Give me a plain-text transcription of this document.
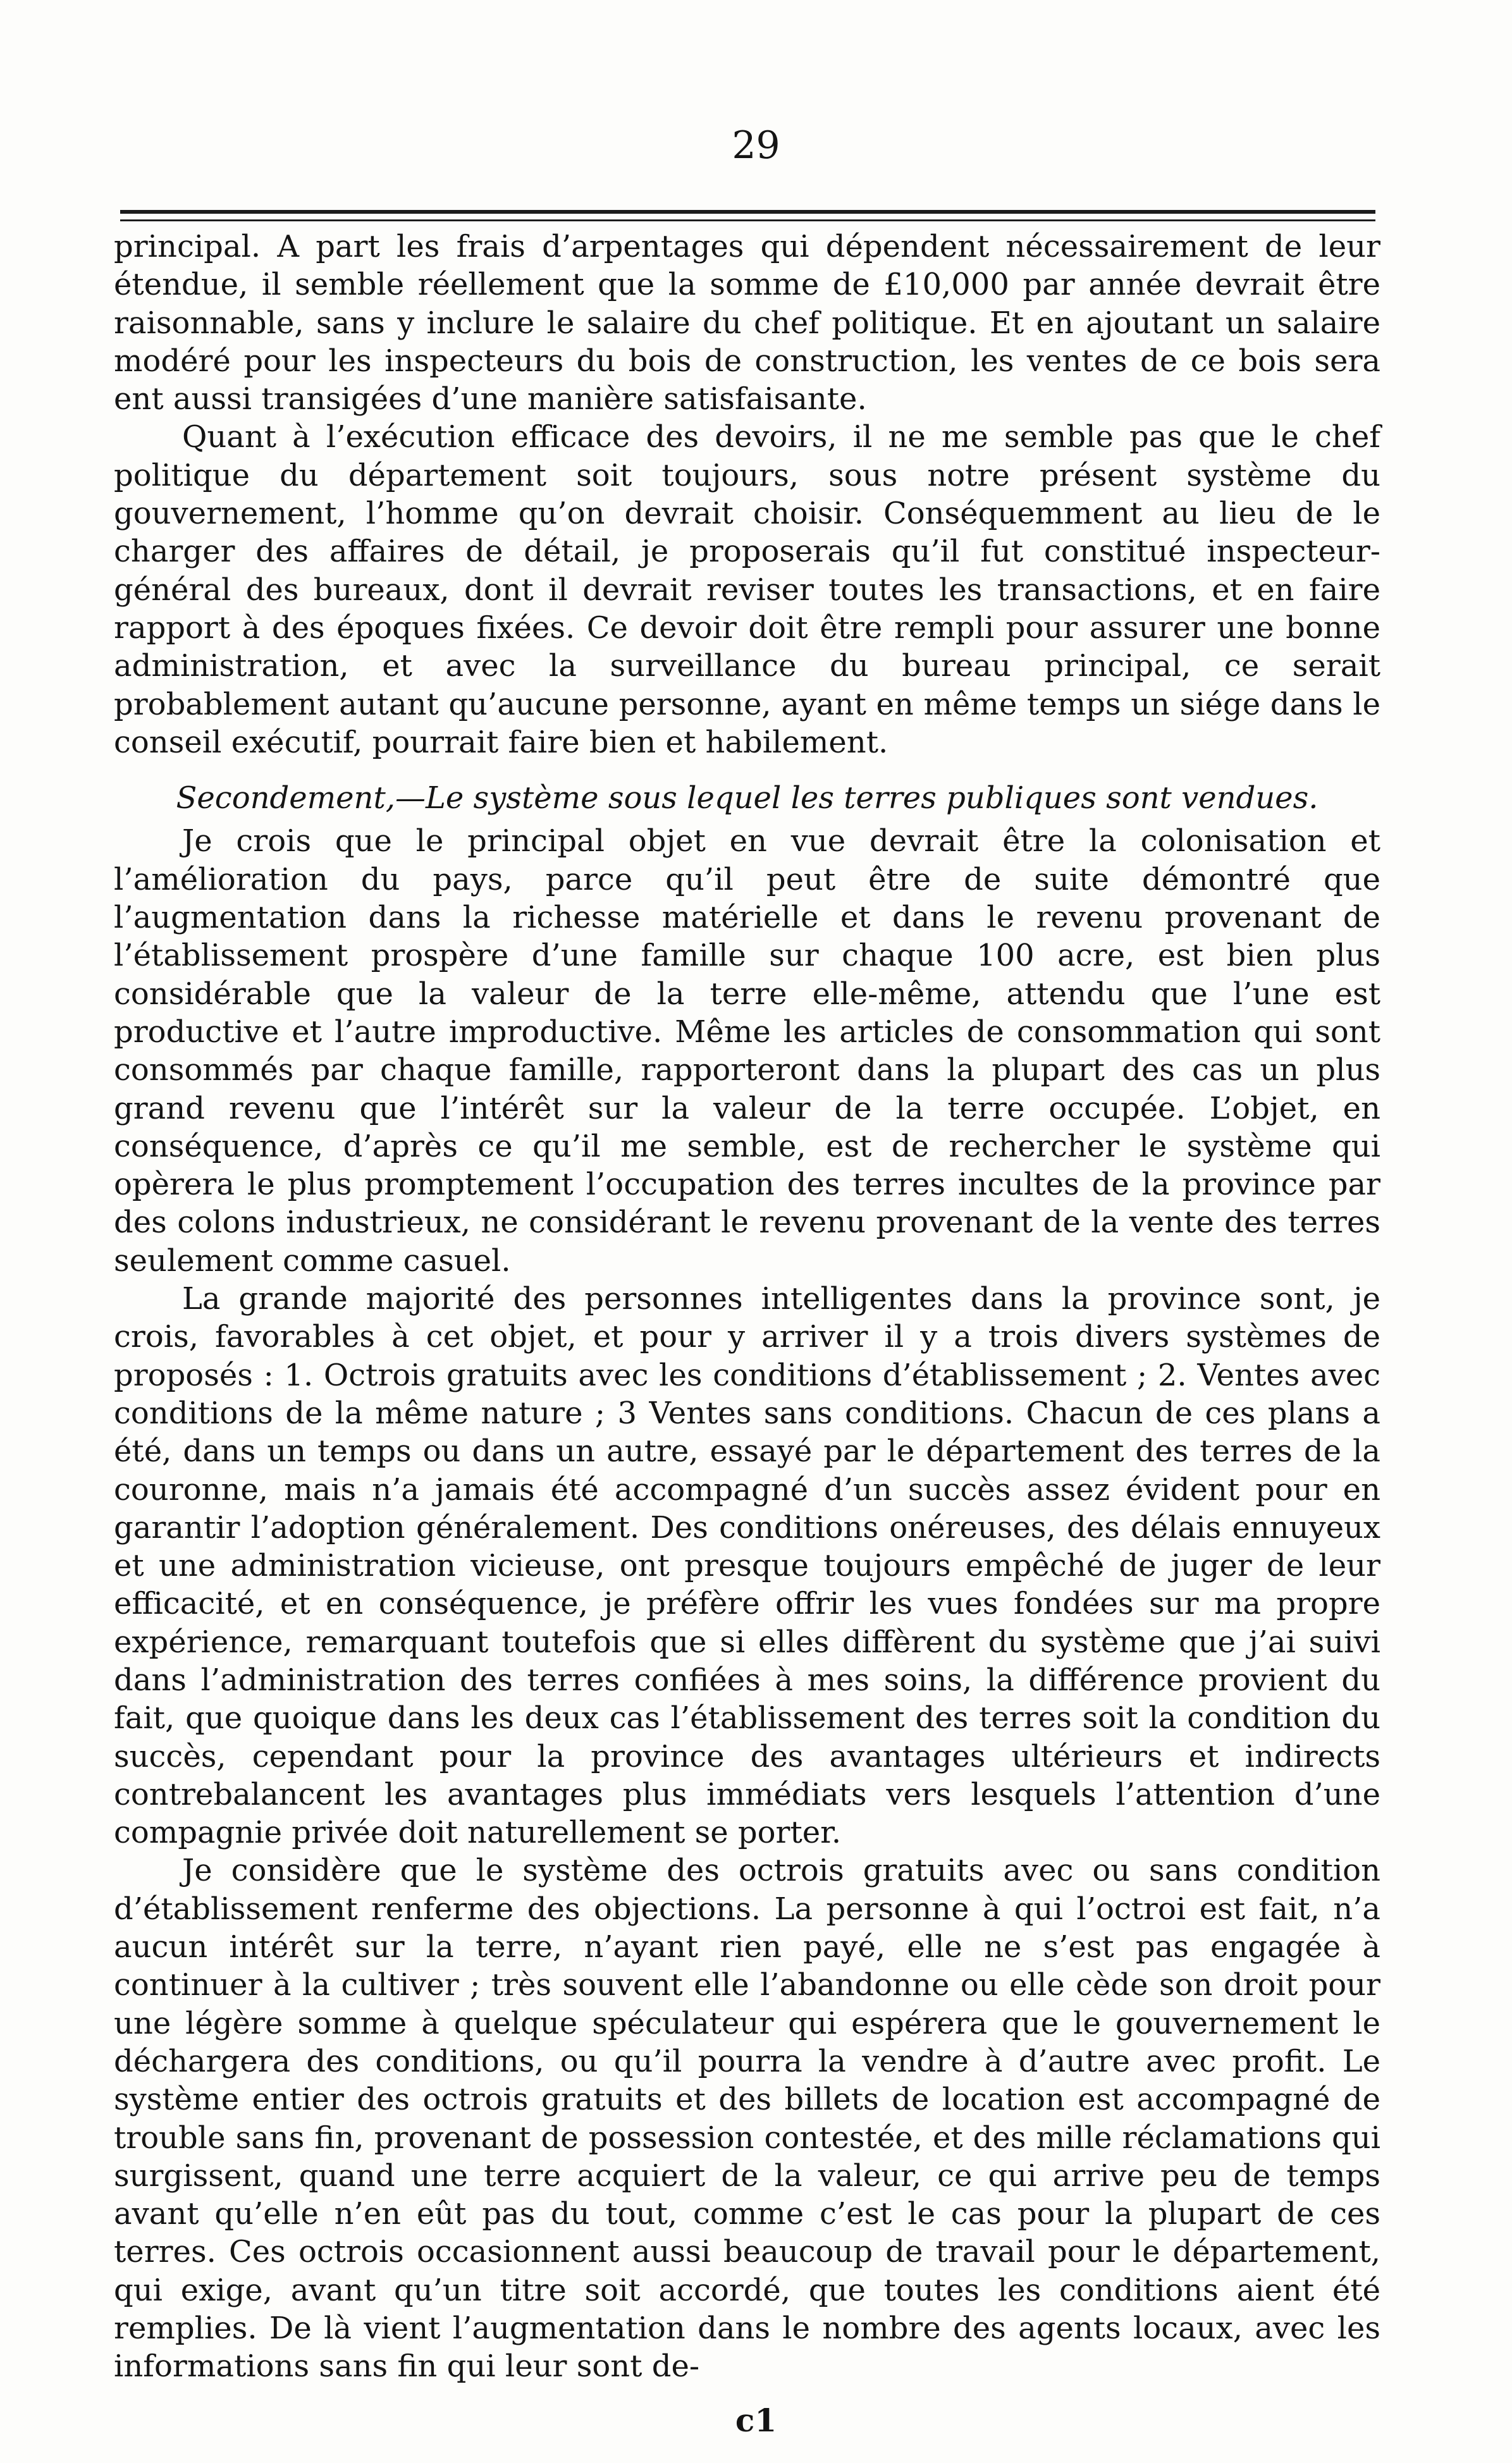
29

principal. A part les frais d’arpentages qui dépendent nécessairement de leur étendue, il semble réellement que la somme de £10,000 par année devrait être raisonnable, sans y inclure le salaire du chef politique. Et en ajoutant un salaire modéré pour les inspecteurs du bois de construction, les ventes de ce bois sera ent aussi transigées d’une manière satisfaisante.

Quant à l’exécution efficace des devoirs, il ne me semble pas que le chef politique du département soit toujours, sous notre présent système du gouvernement, l’homme qu’on devrait choisir. Conséquemment au lieu de le charger des affaires de détail, je proposerais qu’il fut constitué inspecteur-général des bureaux, dont il devrait reviser toutes les transactions, et en faire rapport à des époques fixées. Ce devoir doit être rempli pour assurer une bonne administration, et avec la surveillance du bureau principal, ce serait probablement autant qu’aucune personne, ayant en même temps un siége dans le conseil exécutif, pourrait faire bien et habilement.

Secondement,—Le système sous lequel les terres publiques sont vendues.

Je crois que le principal objet en vue devrait être la colonisation et l’amélioration du pays, parce qu’il peut être de suite démontré que l’augmentation dans la richesse matérielle et dans le revenu provenant de l’établissement prospère d’une famille sur chaque 100 acre, est bien plus considérable que la valeur de la terre elle-même, attendu que l’une est productive et l’autre improductive. Même les articles de consommation qui sont consommés par chaque famille, rapporteront dans la plupart des cas un plus grand revenu que l’intérêt sur la valeur de la terre occupée. L’objet, en conséquence, d’après ce qu’il me semble, est de rechercher le système qui opèrera le plus promptement l’occupation des terres incultes de la province par des colons industrieux, ne considérant le revenu provenant de la vente des terres seulement comme casuel.

La grande majorité des personnes intelligentes dans la province sont, je crois, favorables à cet objet, et pour y arriver il y a trois divers systèmes de proposés : 1. Octrois gratuits avec les conditions d’établissement ; 2. Ventes avec conditions de la même nature ; 3 Ventes sans conditions. Chacun de ces plans a été, dans un temps ou dans un autre, essayé par le département des terres de la couronne, mais n’a jamais été accompagné d’un succès assez évident pour en garantir l’adoption généralement. Des conditions onéreuses, des délais ennuyeux et une administration vicieuse, ont presque toujours empêché de juger de leur efficacité, et en conséquence, je préfère offrir les vues fondées sur ma propre expérience, remarquant toutefois que si elles diffèrent du système que j’ai suivi dans l’administration des terres confiées à mes soins, la différence provient du fait, que quoique dans les deux cas l’établissement des terres soit la condition du succès, cependant pour la province des avantages ultérieurs et indirects contrebalancent les avantages plus immédiats vers lesquels l’attention d’une compagnie privée doit naturellement se porter.

Je considère que le système des octrois gratuits avec ou sans condition d’établissement renferme des objections. La personne à qui l’octroi est fait, n’a aucun intérêt sur la terre, n’ayant rien payé, elle ne s’est pas engagée à continuer à la cultiver ; très souvent elle l’abandonne ou elle cède son droit pour une légère somme à quelque spéculateur qui espérera que le gouvernement le déchargera des conditions, ou qu’il pourra la vendre à d’autre avec profit. Le système entier des octrois gratuits et des billets de location est accompagné de trouble sans fin, provenant de possession contestée, et des mille réclamations qui surgissent, quand une terre acquiert de la valeur, ce qui arrive peu de temps avant qu’elle n’en eût pas du tout, comme c’est le cas pour la plupart de ces terres. Ces octrois occasionnent aussi beaucoup de travail pour le département, qui exige, avant qu’un titre soit accordé, que toutes les conditions aient été remplies. De là vient l’augmentation dans le nombre des agents locaux, avec les informations sans fin qui leur sont de-

c1
